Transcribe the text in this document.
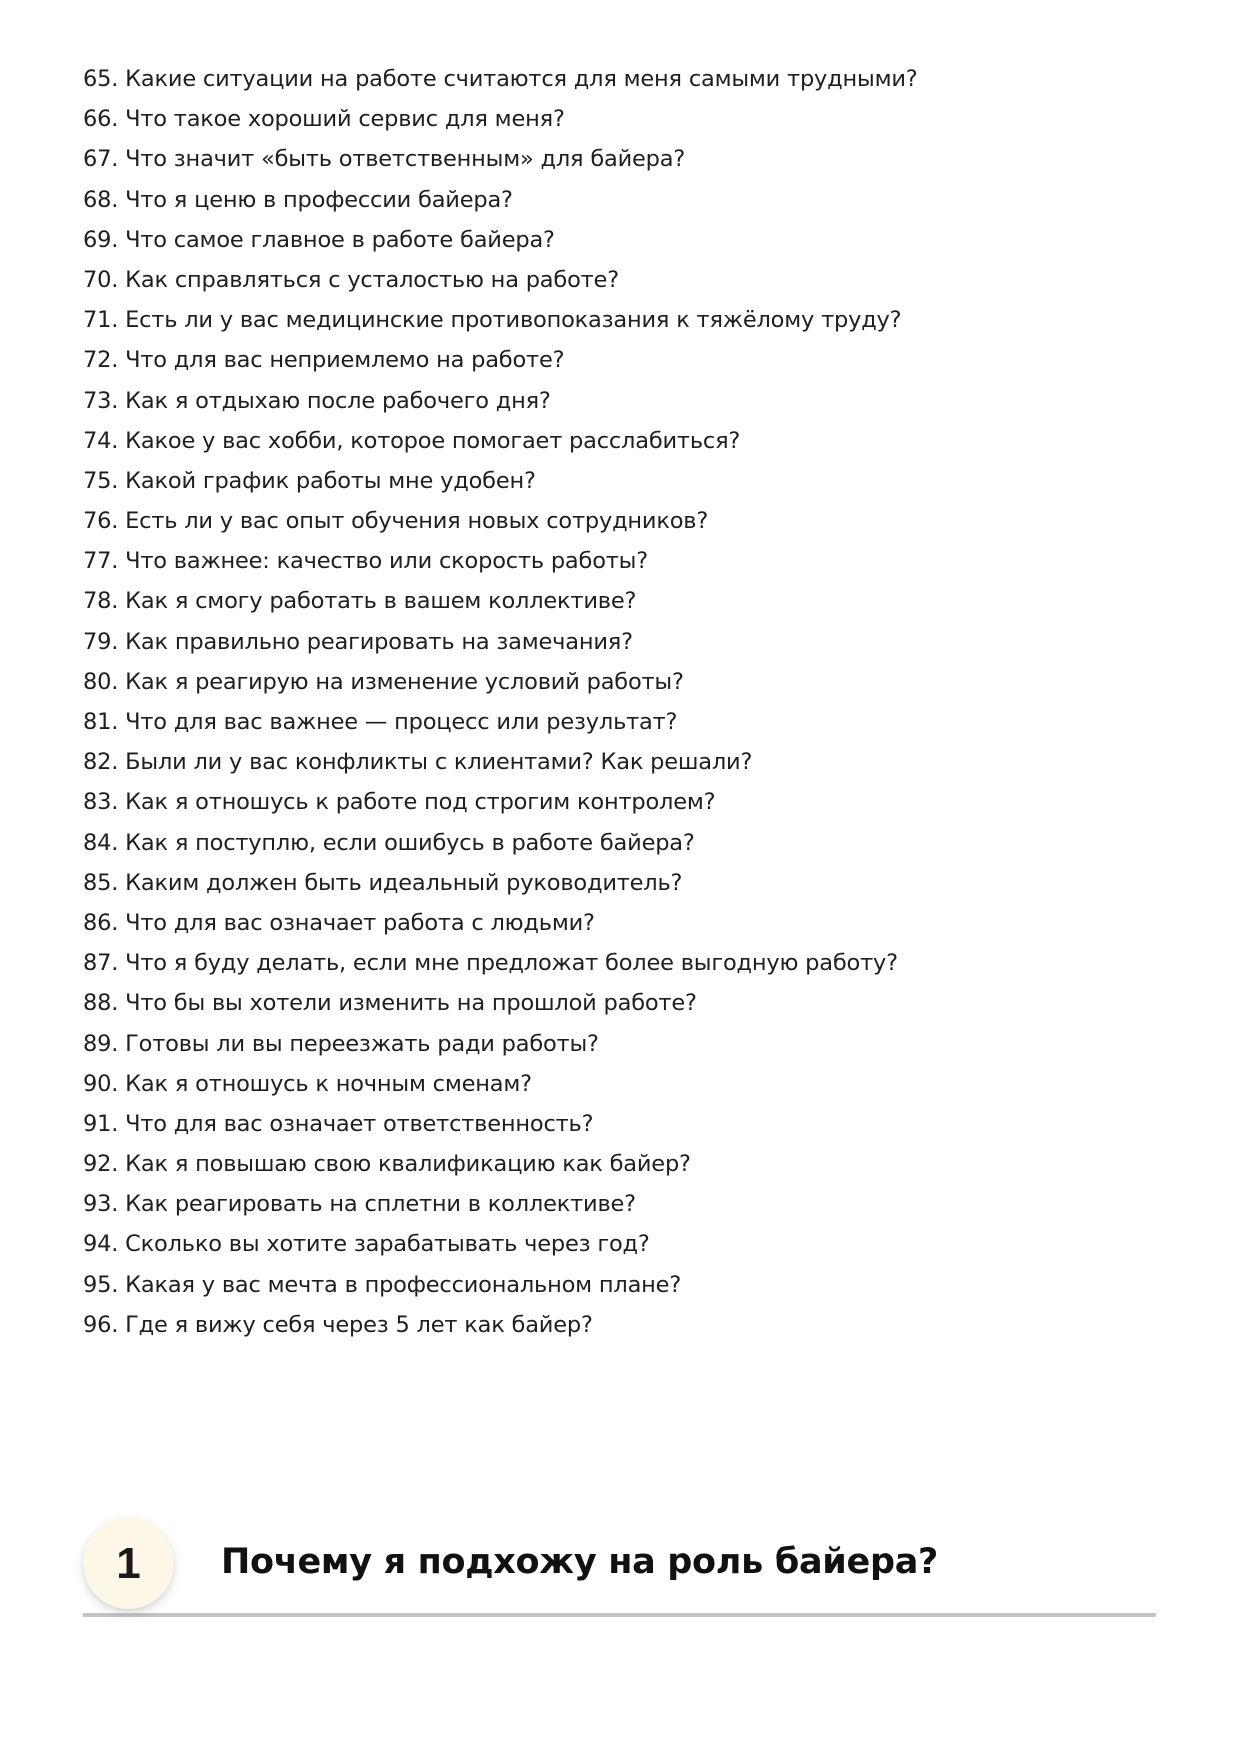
65. Какие ситуации на работе считаются для меня самыми трудными?
66. Что такое хороший сервис для меня?
67. Что значит «быть ответственным» для байера?
68. Что я ценю в профессии байера?
69. Что самое главное в работе байера?
70. Как справляться с усталостью на работе?
71. Есть ли у вас медицинские противопоказания к тяжёлому труду?
72. Что для вас неприемлемо на работе?
73. Как я отдыхаю после рабочего дня?
74. Какое у вас хобби, которое помогает расслабиться?
75. Какой график работы мне удобен?
76. Есть ли у вас опыт обучения новых сотрудников?
77. Что важнее: качество или скорость работы?
78. Как я смогу работать в вашем коллективе?
79. Как правильно реагировать на замечания?
80. Как я реагирую на изменение условий работы?
81. Что для вас важнее — процесс или результат?
82. Были ли у вас конфликты с клиентами? Как решали?
83. Как я отношусь к работе под строгим контролем?
84. Как я поступлю, если ошибусь в работе байера?
85. Каким должен быть идеальный руководитель?
86. Что для вас означает работа с людьми?
87. Что я буду делать, если мне предложат более выгодную работу?
88. Что бы вы хотели изменить на прошлой работе?
89. Готовы ли вы переезжать ради работы?
90. Как я отношусь к ночным сменам?
91. Что для вас означает ответственность?
92. Как я повышаю свою квалификацию как байер?
93. Как реагировать на сплетни в коллективе?
94. Сколько вы хотите зарабатывать через год?
95. Какая у вас мечта в профессиональном плане?
96. Где я вижу себя через 5 лет как байер?
1	Почему я подхожу на роль байера?
